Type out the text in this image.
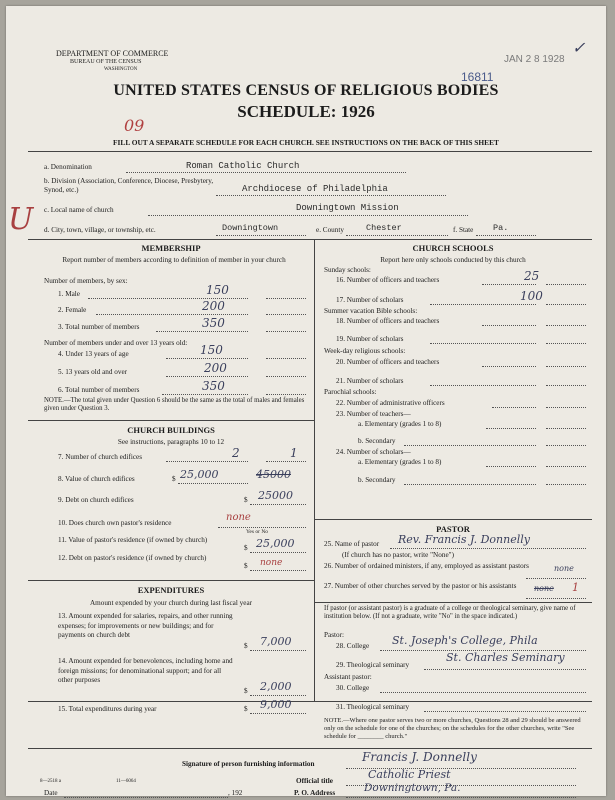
DEPARTMENT OF COMMERCE
BUREAU OF THE CENSUS
WASHINGTON
16811
JAN 2 8 1928
✓
UNITED STATES CENSUS OF RELIGIOUS BODIES
SCHEDULE: 1926
09
FILL OUT A SEPARATE SCHEDULE FOR EACH CHURCH. SEE INSTRUCTIONS ON THE BACK OF THIS SHEET
U
a. Denomination	Roman Catholic Church
b. Division (Association, Conference, Diocese, Presbytery, Synod, etc.)	Archdiocese of Philadelphia
c. Local name of church	Downingtown Mission
d. City, town, village, or township, etc.	Downingtown	e. County	Chester	f. State Pa.
MEMBERSHIP
Report number of members according to definition of member in your church
Number of members, by sex:
1. Male	150
2. Female	200
3. Total number of members	350
Number of members under and over 13 years old:
4. Under 13 years of age	150
5. 13 years old and over	200
6. Total number of members	350
NOTE.—The total given under Question 6 should be the same as the total of males and females given under Question 3.
CHURCH BUILDINGS
See instructions, paragraphs 10 to 12
7. Number of church edifices	2	1
8. Value of church edifices	$ 25,000	45000
9. Debt on church edifices	$ 25000
10. Does church own pastor's residence	none
Yes or No
11. Value of pastor's residence (if owned by church)
$ 25,000
12. Debt on pastor's residence (if owned by church)
$ none
EXPENDITURES
Amount expended by your church during last fiscal year
13. Amount expended for salaries, repairs, and other running expenses; for improvements or new buildings; and for payments on church debt
$ 7,000
14. Amount expended for benevolences, including home and foreign missions; for denominational support; and for all other purposes
$ 2,000
15. Total expenditures during year	$ 9,000
CHURCH SCHOOLS
Report here only schools conducted by this church
Sunday schools:
16. Number of officers and teachers	25
17. Number of scholars	100
Summer vacation Bible schools:
18. Number of officers and teachers
19. Number of scholars
Week-day religious schools:
20. Number of officers and teachers
21. Number of scholars
Parochial schools:
22. Number of administrative officers
23. Number of teachers—
a. Elementary (grades 1 to 8)
b. Secondary
24. Number of scholars—
a. Elementary (grades 1 to 8)
b. Secondary
PASTOR
25. Name of pastor Rev. Francis J. Donnelly
(If church has no pastor, write "None")
26. Number of ordained ministers, if any, employed as assistant pastors	none
27. Number of other churches served by the pastor or his assistants	none 1
If pastor (or assistant pastor) is a graduate of a college or theological seminary, give name of institution below. (If not a graduate, write "No" in the space indicated.)
Pastor:
28. College St. Joseph's College, Phila
29. Theological seminary
St. Charles Seminary
Assistant pastor:
30. College
31. Theological seminary
NOTE.—Where one pastor serves two or more churches, Questions 28 and 29 should be answered only on the schedule for one of the churches; on the schedules for the other churches, write "See schedule for ________ church."
Signature of person furnishing information	Francis J. Donnelly
Official title	Catholic Priest
Date	, 192	P. O. Address	Downingtown, Pa.
8—2518 a	11—6064
